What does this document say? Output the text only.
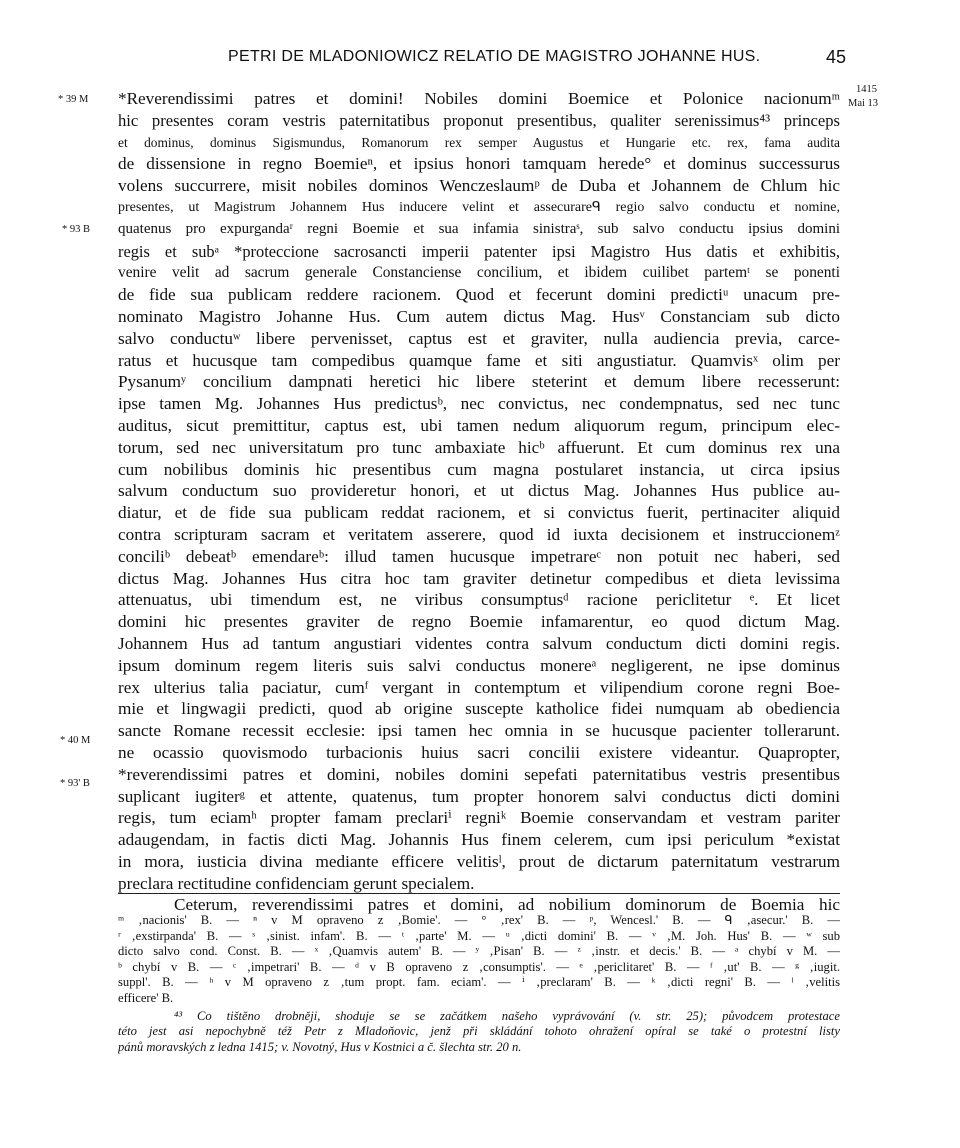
PETRI DE MLADONIOWICZ RELATIO DE MAGISTRO JOHANNE HUS.	45
* 39 M
* 93 B
* 40 M
* 93' B
1415
Mai 13
*Reverendissimi patres et domini! Nobiles domini Boemice et Polonice nacionumᵐ
hic presentes coram vestris paternitatibus proponut presentibus, qualiter serenissimus⁴³ princeps
et dominus, dominus Sigismundus, Romanorum rex semper Augustus et Hungarie etc. rex, fama audita
de dissensione in regno Boemieⁿ, et ipsius honori tamquam herede° et dominus successurus
volens succurrere, misit nobiles dominos Wenczeslaumᵖ de Duba et Johannem de Chlum hic
presentes, ut Magistrum Johannem Hus inducere velint et assecurareᑫ regio salvo conductu et nomine,
quatenus pro expurgandaʳ regni Boemie et sua infamia sinistraˢ, sub salvo conductu ipsius domini
regis et subᵃ *proteccione sacrosancti imperii patenter ipsi Magistro Hus datis et exhibitis,
venire velit ad sacrum generale Constanciense concilium, et ibidem cuilibet partemᵗ se ponenti
de fide sua publicam reddere racionem. Quod et fecerunt domini predictiᵘ unacum pre-
nominato Magistro Johanne Hus. Cum autem dictus Mag. Husᵛ Constanciam sub dicto
salvo conductuʷ libere pervenisset, captus est et graviter, nulla audiencia previa, carce-
ratus et hucusque tam compedibus quamque fame et siti angustiatur. Quamvisˣ olim per
Pysanumʸ concilium dampnati heretici hic libere steterint et demum libere recesserunt:
ipse tamen Mg. Johannes Hus predictusᵇ, nec convictus, nec condempnatus, sed nec tunc
auditus, sicut premittitur, captus est, ubi tamen nedum aliquorum regum, principum elec-
torum, sed nec universitatum pro tunc ambaxiate hicᵇ affuerunt. Et cum dominus rex una
cum nobilibus dominis hic presentibus cum magna postularet instancia, ut circa ipsius
salvum conductum suo provideretur honori, et ut dictus Mag. Johannes Hus publice au-
diatur, et de fide sua publicam reddat racionem, et si convictus fuerit, pertinaciter aliquid
contra scripturam sacram et veritatem asserere, quod id iuxta decisionem et instruccionemᶻ
conciliᵇ debeatᵇ emendareᵇ: illud tamen hucusque impetrareᶜ non potuit nec haberi, sed
dictus Mag. Johannes Hus citra hoc tam graviter detinetur compedibus et dieta levissima
attenuatus, ubi timendum est, ne viribus consumptusᵈ racione periclitetur ᵉ. Et licet
domini hic presentes graviter de regno Boemie infamarentur, eo quod dictum Mag.
Johannem Hus ad tantum angustiari videntes contra salvum conductum dicti domini regis.
ipsum dominum regem literis suis salvi conductus monereᵃ negligerent, ne ipse dominus
rex ulterius talia paciatur, cumᶠ vergant in contemptum et vilipendium corone regni Boe-
mie et lingwagii predicti, quod ab origine suscepte katholice fidei numquam ab obediencia
sancte Romane recessit ecclesie: ipsi tamen hec omnia in se hucusque pacienter tollerarunt.
ne ocassio quovismodo turbacionis huius sacri concilii existere videantur. Quapropter,
*reverendissimi patres et domini, nobiles domini sepefati paternitatibus vestris presentibus
suplicant iugiterᵍ et attente, quatenus, tum propter honorem salvi conductus dicti domini
regis, tum eciamʰ propter famam preclariⁱ regniᵏ Boemie conservandam et vestram pariter
adaugendam, in factis dicti Mag. Johannis Hus finem celerem, cum ipsi periculum *existat
in mora, iusticia divina mediante efficere velitisˡ, prout de dictarum paternitatum vestrarum
preclara rectitudine confidenciam gerunt specialem.
Ceterum, reverendissimi patres et domini, ad nobilium dominorum de Boemia hic
ᵐ ‚nacionis' B. — ⁿ v M opraveno z ‚Bomie'. — ° ‚rex' B. — ᵖ, Wencesl.' B. — ᑫ ‚asecur.' B. —
ʳ ‚exstirpanda' B. — ˢ ‚sinist. infam'. B. — ᵗ ‚parte' M. — ᵘ ‚dicti domini' B. — ᵛ ‚M. Joh. Hus' B. — ʷ sub
dicto salvo cond. Const. B. — ˣ ‚Quamvis autem' B. — ʸ ‚Pisan' B. — ᶻ ‚instr. et decis.' B. — ᵃ chybí v M. —
ᵇ chybí v B. — ᶜ ‚impetrari' B. — ᵈ v B opraveno z ‚consumptis'. — ᵉ ‚periclitaret' B. — ᶠ ‚ut' B. — ᵍ ‚iugit.
suppl'. B. — ʰ v M opraveno z ‚tum propt. fam. eciam'. — ⁱ ‚preclaram' B. — ᵏ ‚dicti regni' B. — ˡ ‚velitis
efficere' B.
⁴³ Co tištěno drobněji, shoduje se se začátkem našeho vyprávování (v. str. 25); původcem protestace
této jest asi nepochybně též Petr z Mladoňovic, jenž při skládání tohoto ohražení opíral se také o protestní listy
pánů moravských z ledna 1415; v. Novotný, Hus v Kostnici a č. šlechta str. 20 n.
